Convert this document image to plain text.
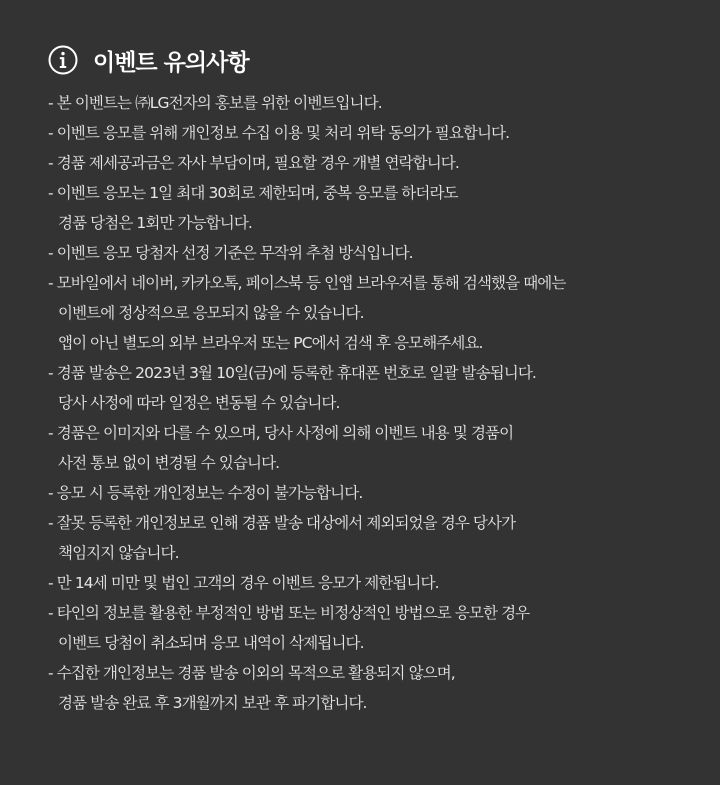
이벤트 유의사항
- 본 이벤트는 ㈜LG전자의 홍보를 위한 이벤트입니다.
- 이벤트 응모를 위해 개인정보 수집 이용 및 처리 위탁 동의가 필요합니다.
- 경품 제세공과금은 자사 부담이며, 필요할 경우 개별 연락합니다.
- 이벤트 응모는 1일 최대 30회로 제한되며, 중복 응모를 하더라도
경품 당첨은 1회만 가능합니다.
- 이벤트 응모 당첨자 선정 기준은 무작위 추첨 방식입니다.
- 모바일에서 네이버, 카카오톡, 페이스북 등 인앱 브라우저를 통해 검색했을 때에는
이벤트에 정상적으로 응모되지 않을 수 있습니다.
앱이 아닌 별도의 외부 브라우저 또는 PC에서 검색 후 응모해주세요.
- 경품 발송은 2023년 3월 10일(금)에 등록한 휴대폰 번호로 일괄 발송됩니다.
당사 사정에 따라 일정은 변동될 수 있습니다.
- 경품은 이미지와 다를 수 있으며, 당사 사정에 의해 이벤트 내용 및 경품이
사전 통보 없이 변경될 수 있습니다.
- 응모 시 등록한 개인정보는 수정이 불가능합니다.
- 잘못 등록한 개인정보로 인해 경품 발송 대상에서 제외되었을 경우 당사가
책임지지 않습니다.
- 만 14세 미만 및 법인 고객의 경우 이벤트 응모가 제한됩니다.
- 타인의 정보를 활용한 부정적인 방법 또는 비정상적인 방법으로 응모한 경우
이벤트 당첨이 취소되며 응모 내역이 삭제됩니다.
- 수집한 개인정보는 경품 발송 이외의 목적으로 활용되지 않으며,
경품 발송 완료 후 3개월까지 보관 후 파기합니다.
